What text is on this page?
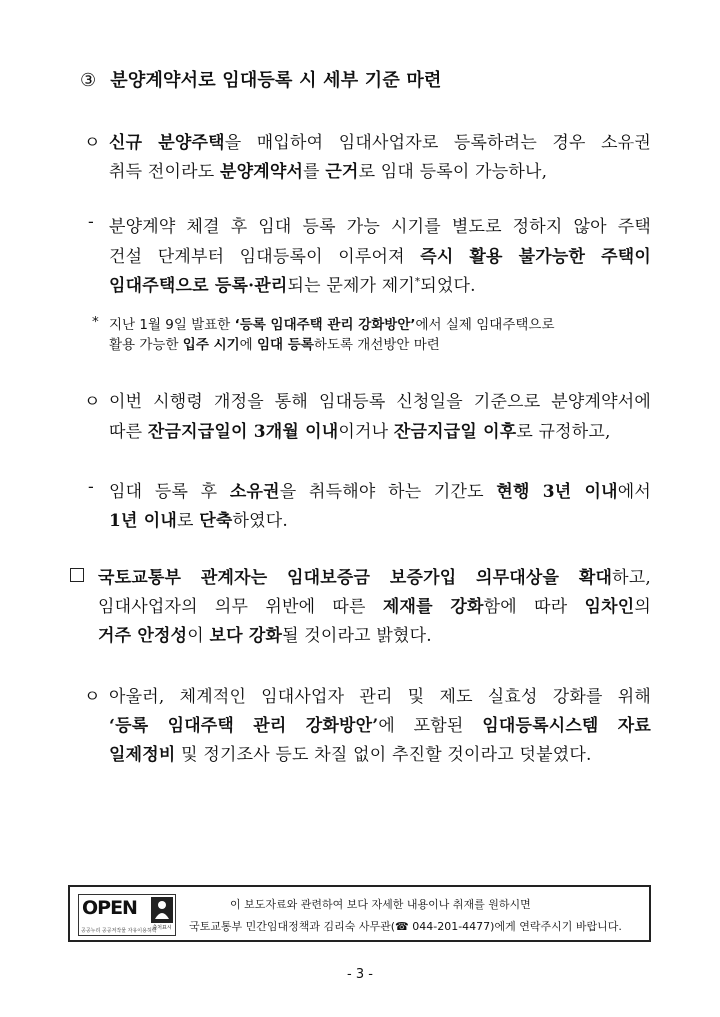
③ 분양계약서로 임대등록 시 세부 기준 마련
ㅇ 신규 분양주택을 매입하여 임대사업자로 등록하려는 경우 소유권
취득 전이라도 분양계약서를 근거로 임대 등록이 가능하나,
- 분양계약 체결 후 임대 등록 가능 시기를 별도로 정하지 않아 주택
건설 단계부터 임대등록이 이루어져 즉시 활용 불가능한 주택이
임대주택으로 등록·관리되는 문제가 제기*되었다.
* 지난 1월 9일 발표한 ‘등록 임대주택 관리 강화방안’에서 실제 임대주택으로
활용 가능한 입주 시기에 임대 등록하도록 개선방안 마련
ㅇ 이번 시행령 개정을 통해 임대등록 신청일을 기준으로 분양계약서에
따른 잔금지급일이 3개월 이내이거나 잔금지급일 이후로 규정하고,
- 임대 등록 후 소유권을 취득해야 하는 기간도 현행 3년 이내에서
1년 이내로 단축하였다.
국토교통부 관계자는 임대보증금 보증가입 의무대상을 확대하고,
임대사업자의 의무 위반에 따른 제재를 강화함에 따라 임차인의
거주 안정성이 보다 강화될 것이라고 밝혔다.
ㅇ 아울러, 체계적인 임대사업자 관리 및 제도 실효성 강화를 위해
‘등록 임대주택 관리 강화방안’에 포함된 임대등록시스템 자료
일제정비 및 정기조사 등도 차질 없이 추진할 것이라고 덧붙였다.
OPEN
출처표시
공공누리 공공저작물 자유이용허락
이 보도자료와 관련하여 보다 자세한 내용이나 취재를 원하시면
국토교통부 민간임대정책과 김리숙 사무관(☎ 044-201-4477)에게 연락주시기 바랍니다.
- 3 -
